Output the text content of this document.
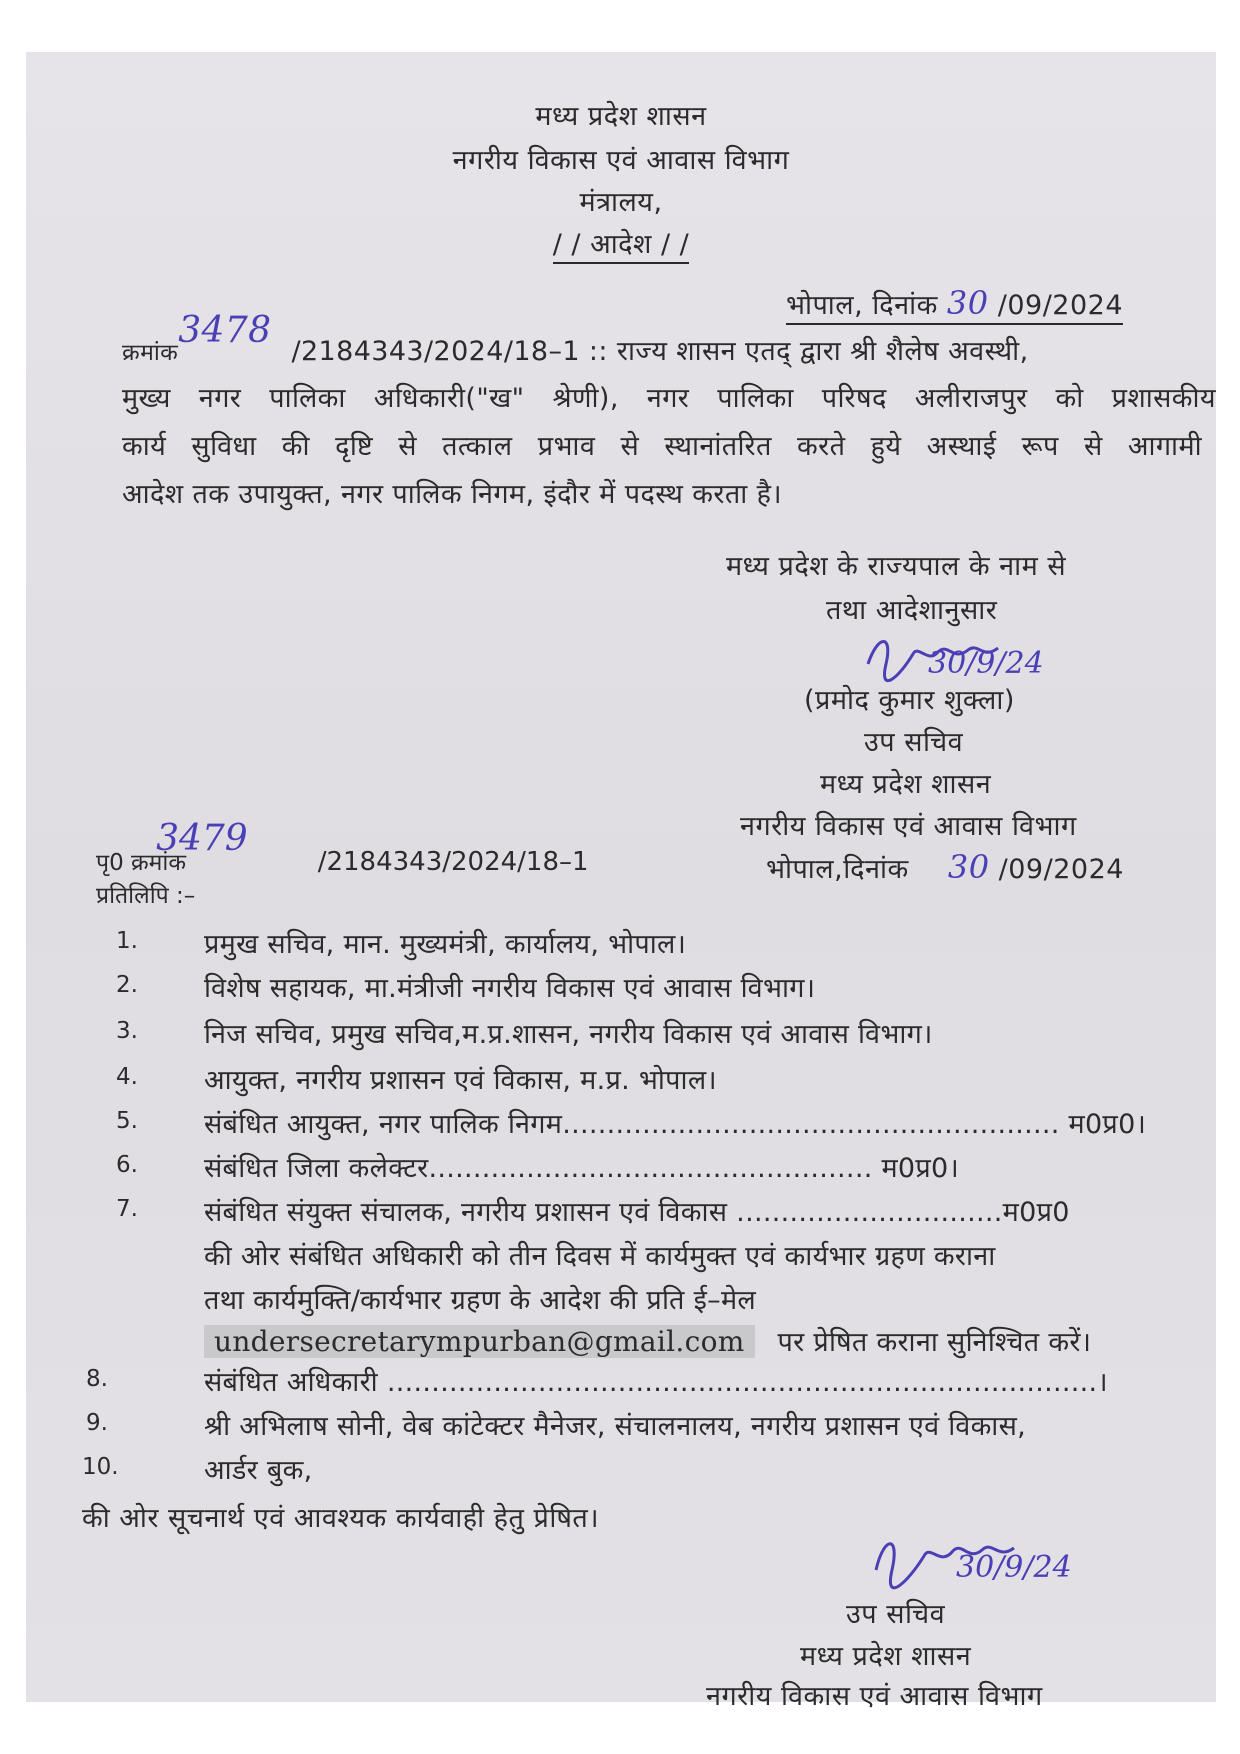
मध्य प्रदेश शासन
नगरीय विकास एवं आवास विभाग
मंत्रालय,
/ / आदेश / /
भोपाल, दिनांक 30 /09/2024
क्रमांक3478/2184343/2024/18–1 :: राज्य शासन एतद् द्वारा श्री शैलेष अवस्थी,
मुख्य नगर पालिका अधिकारी("ख" श्रेणी), नगर पालिका परिषद अलीराजपुर को प्रशासकीय
कार्य सुविधा की दृष्टि से तत्काल प्रभाव से स्थानांतरित करते हुये अस्थाई रूप से आगामी
आदेश तक उपायुक्त, नगर पालिक निगम, इंदौर में पदस्थ करता है।
मध्य प्रदेश के राज्यपाल के नाम से
तथा आदेशानुसार
30/9/24
(प्रमोद कुमार शुक्ला)
उप सचिव
मध्य प्रदेश शासन
नगरीय विकास एवं आवास विभाग
भोपाल,दिनांक 30 /09/2024
पृ0 क्रमांक3479/2184343/2024/18–1
प्रतिलिपि :–
1.	प्रमुख सचिव, मान. मुख्यमंत्री, कार्यालय, भोपाल।
2.	विशेष सहायक, मा.मंत्रीजी नगरीय विकास एवं आवास विभाग।
3.	निज सचिव, प्रमुख सचिव,म.प्र.शासन, नगरीय विकास एवं आवास विभाग।
4.	आयुक्त, नगरीय प्रशासन एवं विकास, म.प्र. भोपाल।
5.	संबंधित आयुक्त, नगर पालिक निगम........................................................ म0प्र0।
6.	संबंधित जिला कलेक्टर.................................................. म0प्र0।
7.	संबंधित संयुक्त संचालक, नगरीय प्रशासन एवं विकास ..............................म0प्र0
की ओर संबंधित अधिकारी को तीन दिवस में कार्यमुक्त एवं कार्यभार ग्रहण कराना
तथा कार्यमुक्ति/कार्यभार ग्रहण के आदेश की प्रति ई–मेल
undersecretarympurban@gmail.com पर प्रेषित कराना सुनिश्चित करें।
8.	संबंधित अधिकारी ................................................................................।
9.	श्री अभिलाष सोनी, वेब कांटेक्टर मैनेजर, संचालनालय, नगरीय प्रशासन एवं विकास,
10.	आर्डर बुक,
की ओर सूचनार्थ एवं आवश्यक कार्यवाही हेतु प्रेषित।
30/9/24
उप सचिव
मध्य प्रदेश शासन
नगरीय विकास एवं आवास विभाग
